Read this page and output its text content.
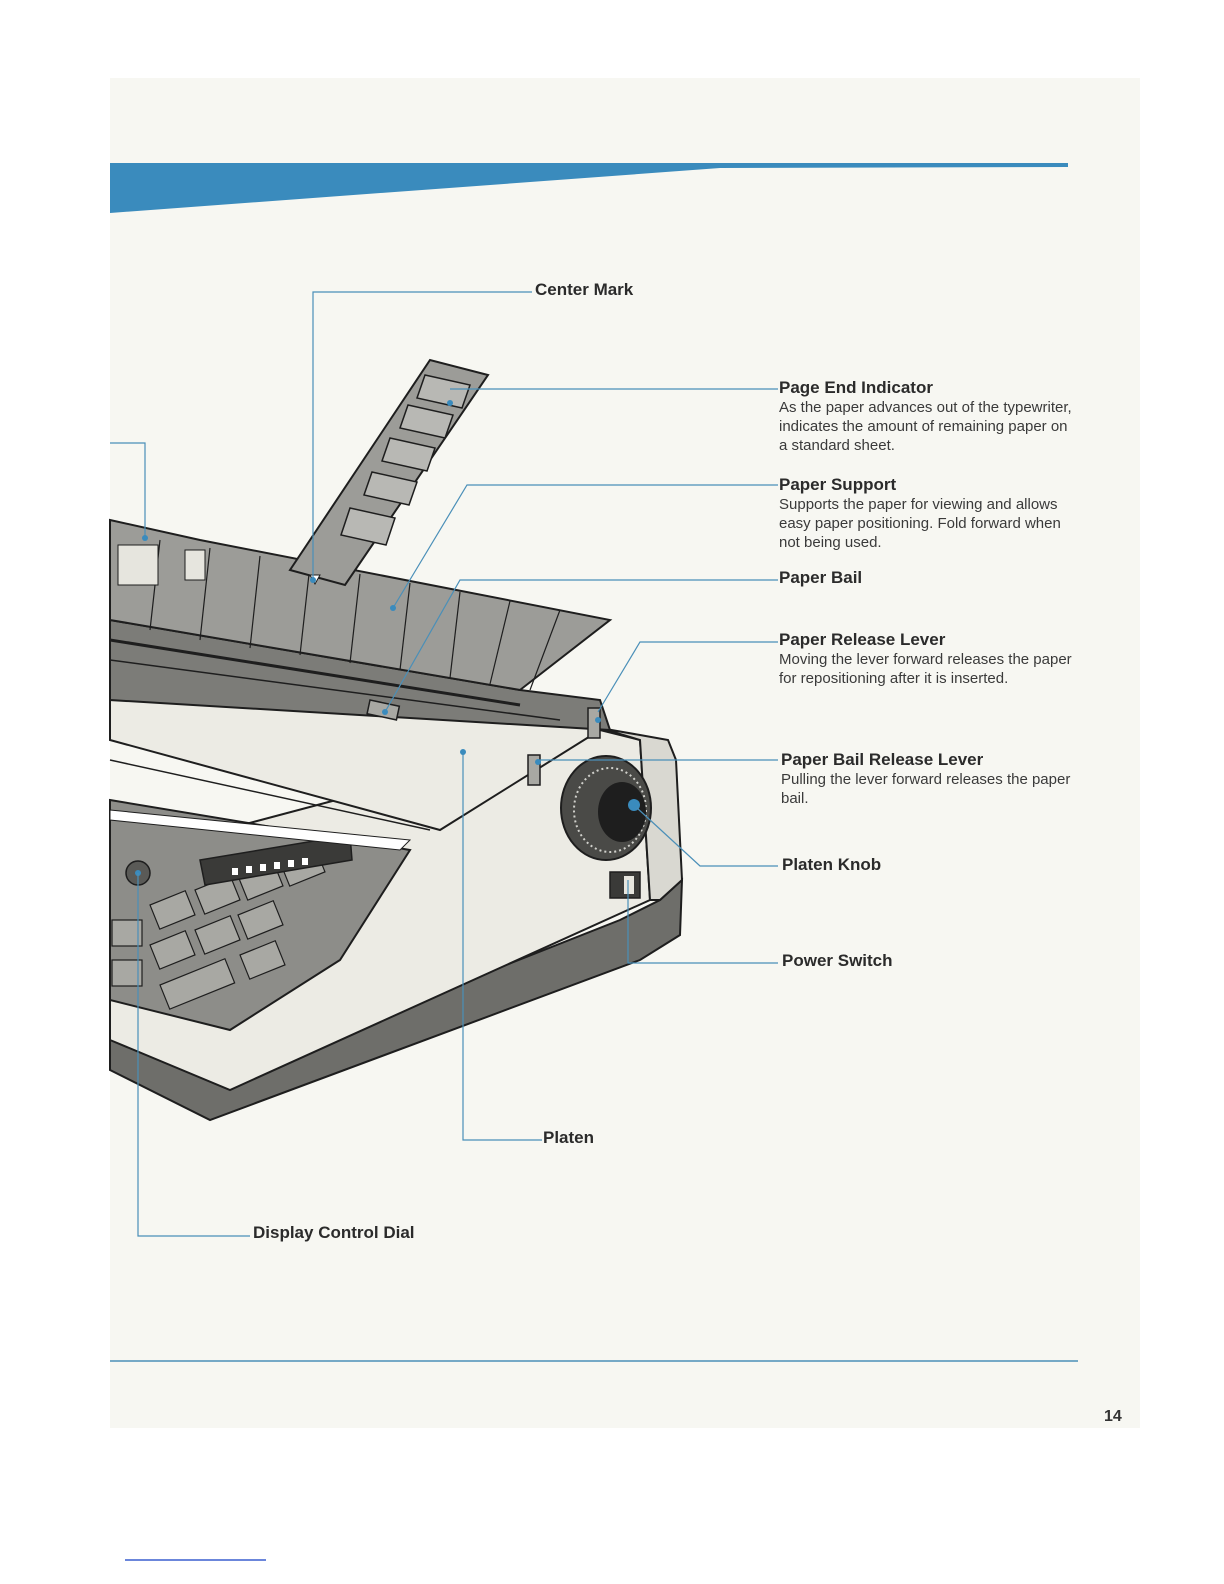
Center Mark
Page End Indicator
As the paper advances out of the typewriter, indicates the amount of remaining paper on a standard sheet.
Paper Support
Supports the paper for viewing and allows easy paper positioning. Fold forward when not being used.
Paper Bail
Paper Release Lever
Moving the lever forward releases the paper for repositioning after it is inserted.
Paper Bail Release Lever
Pulling the lever forward releases the paper bail.
Platen Knob
Power Switch
Platen
Display Control Dial
14
